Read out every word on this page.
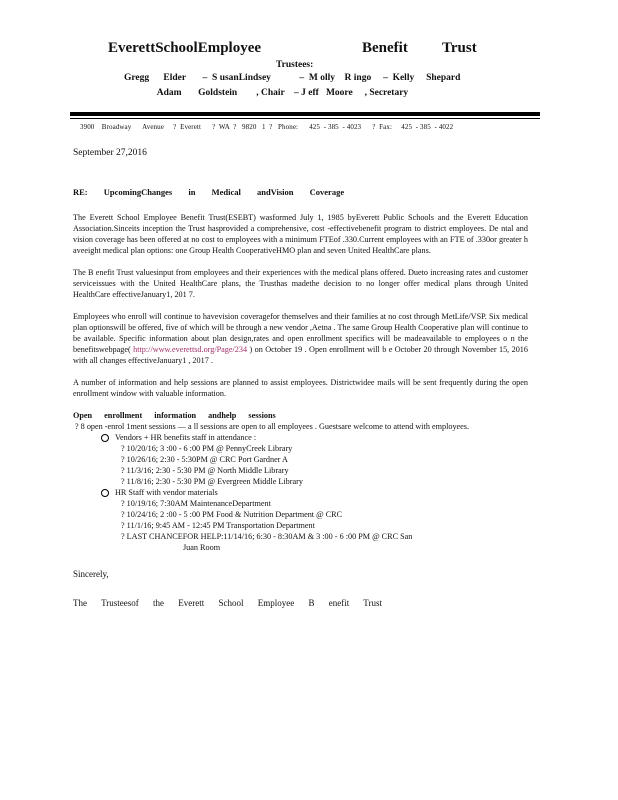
EverettSchoolEmployee	Benefit Trust
Trustees:
Gregg      Elder       –  S usanLindsey            –  M olly    R ingo     –  Kelly     Shepard
Adam       Goldstein        , Chair    – J eff   Moore     , Secretary
3900    Broadway      Avenue     ?  Everett      ?  WA  ?   9820   1  ?   Phone:      425  - 385  - 4023      ?  Fax:     425  - 385  - 4022
September 27,2016
RE: UpcomingChanges in Medical andVision Coverage

The Everett School Employee Benefit Trust(ESEBT) wasformed July 1, 1985 byEverett Public Schools and the Everett Education Association.Sinceits inception the Trust hasprovided a comprehensive, cost -effectivebenefit program to district employees. De ntal and vision coverage has been offered at no cost to employees with a minimum FTEof .330.Current employees with an FTE of .330or greater h aveeight medical plan options: one Group Health CooperativeHMO plan and seven United HealthCare plans.

The B enefit Trust valuesinput from employees and their experiences with the medical plans offered. Dueto increasing rates and customer serviceissues with the United HealthCare plans, the Trusthas madethe decision to no longer offer medical plans through United HealthCare effectiveJanuary1, 201 7.

Employees who enroll will continue to havevision coveragefor themselves and their families at no cost through MetLife/VSP. Six medical plan optionswill be offered, five of which will be through a new vendor ,Aetna . The same Group Health Cooperative plan will continue to be available. Specific information about plan design,rates and open enrollment specifics will be madeavailable to employees o n the benefitswebpage( http://www.everettsd.org/Page/234 ) on October 19 . Open enrollment will b e October 20 through November 15, 2016 with all changes effectiveJanuary1 , 2017 .

A number of information and help sessions are planned to assist employees. Districtwidee mails will be sent frequently during the open enrollment window with valuable information.

Open enrollment information andhelp sessions
? 8 open -enrol 1ment sessions — a ll sessions are open to all employees . Guestsare welcome to attend with employees.
Vendors + HR benefits staff in attendance :
? 10/20/16; 3 :00 - 6 :00 PM @ PennyCreek Library
? 10/26/16; 2:30 - 5:30PM @ CRC Port Gardner A
? 11/3/16; 2:30 - 5:30 PM @ North Middle Library
? 11/8/16; 2:30 - 5:30 PM @ Evergreen Middle Library
HR Staff with vendor materials
? 10/19/16; 7:30AM MaintenanceDepartment
? 10/24/16; 2 :00 - 5 :00 PM Food & Nutrition Department @ CRC
? 11/1/16; 9:45 AM - 12:45 PM Transportation Department
? LAST CHANCEFOR HELP:11/14/16; 6:30 - 8:30AM & 3 :00 - 6 :00 PM @ CRC San
Juan Room
Sincerely,
The Trusteesof the Everett School Employee B enefit Trust
